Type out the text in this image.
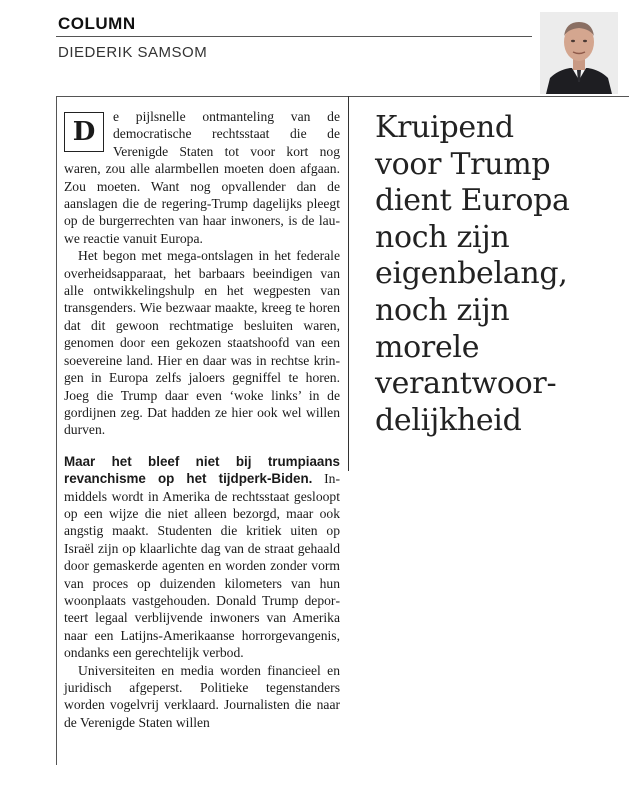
COLUMN
DIEDERIK SAMSOM

D
e pijlsnelle ontmanteling van de democratische rechtsstaat die de Verenigde Staten tot voor kort nog waren, zou alle alarmbellen moeten doen afgaan. Zou moeten. Want nog opvallender dan de aanslagen die de regering-Trump dagelijks pleegt op de burgerrechten van haar inwoners, is de lauwe reactie vanuit Europa.

Het begon met mega-ontslagen in het federale overheidsapparaat, het barbaars beeindigen van alle ontwikkelingshulp en het wegpesten van transgenders. Wie bezwaar maakte, kreeg te horen dat dit gewoon rechtmatige besluiten waren, genomen door een gekozen staatshoofd van een soevereine land. Hier en daar was in rechtse kringen in Europa zelfs jaloers gegniffel te horen. Joeg die Trump daar even ‘woke links’ in de gordijnen zeg. Dat hadden ze hier ook wel willen durven.

Maar het bleef niet bij trumpiaans revanchisme op het tijdperk-Biden. Inmiddels wordt in Amerika de rechtsstaat gesloopt op een wijze die niet alleen bezorgd, maar ook angstig maakt. Studenten die kritiek uiten op Israël zijn op klaarlichte dag van de straat gehaald door gemaskerde agenten en worden zonder vorm van proces op duizenden kilometers van hun woonplaats vastgehouden. Donald Trump deporteert legaal verblijvende inwoners van Amerika naar een Latijns-Amerikaanse horrorgevangenis, ondanks een gerechtelijk verbod.

Universiteiten en media worden financieel en juridisch afgeperst. Politieke tegenstanders worden vogelvrij verklaard. Journalisten die naar de Verenigde Staten willen

Kruipend
voor Trump
dient Europa
noch zijn
eigenbelang,
noch zijn
morele
verantwoor-
delijkheid
